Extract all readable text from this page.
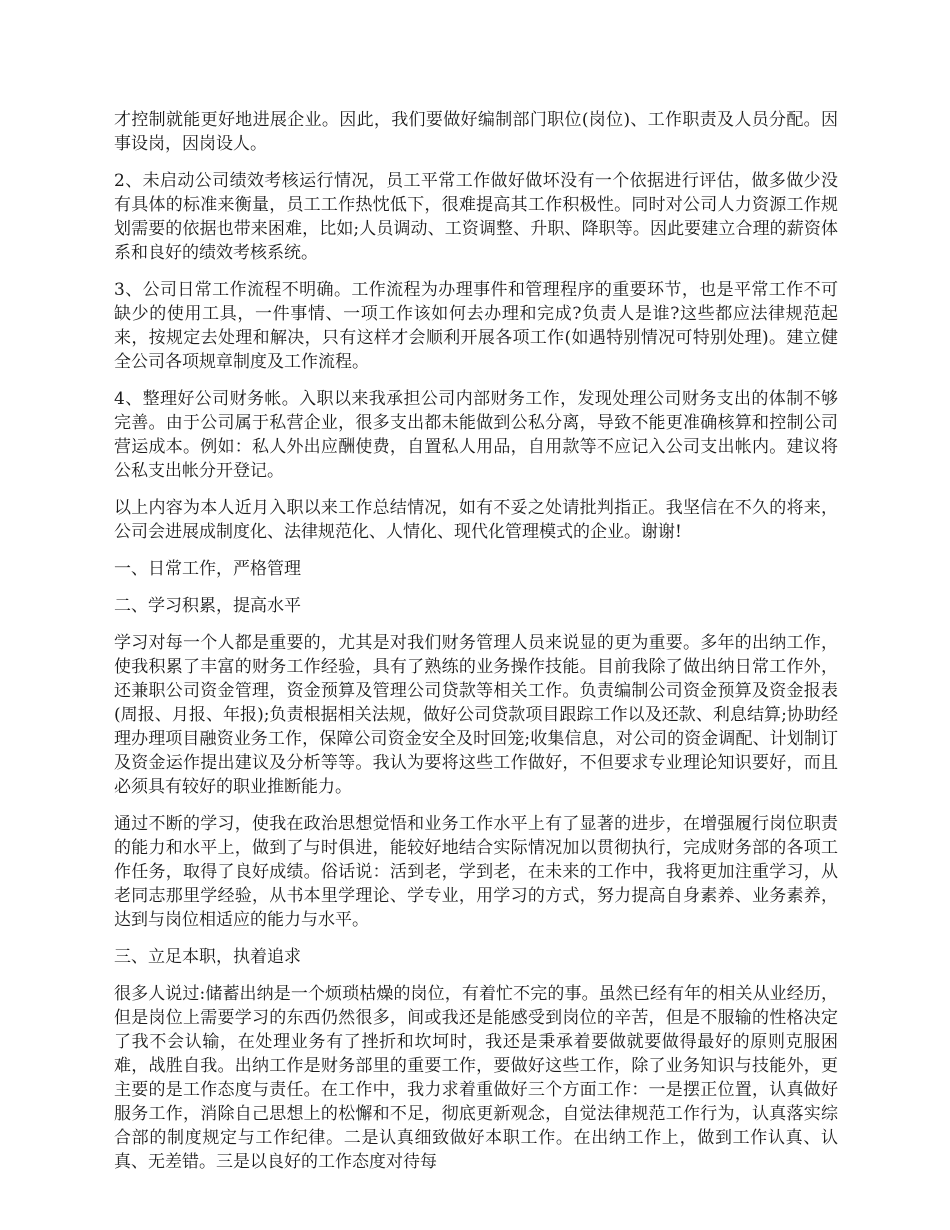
才控制就能更好地进展企业。因此，我们要做好编制部门职位(岗位)、工作职责及人员分配。因事设岗，因岗设人。

2、未启动公司绩效考核运行情况，员工平常工作做好做坏没有一个依据进行评估，做多做少没有具体的标准来衡量，员工工作热忱低下，很难提高其工作积极性。同时对公司人力资源工作规划需要的依据也带来困难，比如;人员调动、工资调整、升职、降职等。因此要建立合理的薪资体系和良好的绩效考核系统。

3、公司日常工作流程不明确。工作流程为办理事件和管理程序的重要环节，也是平常工作不可缺少的使用工具，一件事情、一项工作该如何去办理和完成?负责人是谁?这些都应法律规范起来，按规定去处理和解决，只有这样才会顺利开展各项工作(如遇特别情况可特别处理)。建立健全公司各项规章制度及工作流程。

4、整理好公司财务帐。入职以来我承担公司内部财务工作，发现处理公司财务支出的体制不够完善。由于公司属于私营企业，很多支出都未能做到公私分离，导致不能更准确核算和控制公司营运成本。例如：私人外出应酬使费，自置私人用品，自用款等不应记入公司支出帐内。建议将公私支出帐分开登记。

以上内容为本人近月入职以来工作总结情况，如有不妥之处请批判指正。我坚信在不久的将来，公司会进展成制度化、法律规范化、人情化、现代化管理模式的企业。谢谢!

一、日常工作，严格管理

二、学习积累，提高水平

学习对每一个人都是重要的，尤其是对我们财务管理人员来说显的更为重要。多年的出纳工作，使我积累了丰富的财务工作经验，具有了熟练的业务操作技能。目前我除了做出纳日常工作外，还兼职公司资金管理，资金预算及管理公司贷款等相关工作。负责编制公司资金预算及资金报表(周报、月报、年报);负责根据相关法规，做好公司贷款项目跟踪工作以及还款、利息结算;协助经理办理项目融资业务工作，保障公司资金安全及时回笼;收集信息，对公司的资金调配、计划制订及资金运作提出建议及分析等等。我认为要将这些工作做好，不但要求专业理论知识要好，而且必须具有较好的职业推断能力。

通过不断的学习，使我在政治思想觉悟和业务工作水平上有了显著的进步，在增强履行岗位职责的能力和水平上，做到了与时俱进，能较好地结合实际情况加以贯彻执行，完成财务部的各项工作任务，取得了良好成绩。俗话说：活到老，学到老，在未来的工作中，我将更加注重学习，从老同志那里学经验，从书本里学理论、学专业，用学习的方式，努力提高自身素养、业务素养，达到与岗位相适应的能力与水平。

三、立足本职，执着追求

很多人说过:储蓄出纳是一个烦琐枯燥的岗位，有着忙不完的事。虽然已经有年的相关从业经历，但是岗位上需要学习的东西仍然很多，间或我还是能感受到岗位的辛苦，但是不服输的性格决定了我不会认输，在处理业务有了挫折和坎坷时，我还是秉承着要做就要做得最好的原则克服困难，战胜自我。出纳工作是财务部里的重要工作，要做好这些工作，除了业务知识与技能外，更主要的是工作态度与责任。在工作中，我力求着重做好三个方面工作：一是摆正位置，认真做好服务工作，消除自己思想上的松懈和不足，彻底更新观念，自觉法律规范工作行为，认真落实综合部的制度规定与工作纪律。二是认真细致做好本职工作。在出纳工作上，做到工作认真、认真、无差错。三是以良好的工作态度对待每
